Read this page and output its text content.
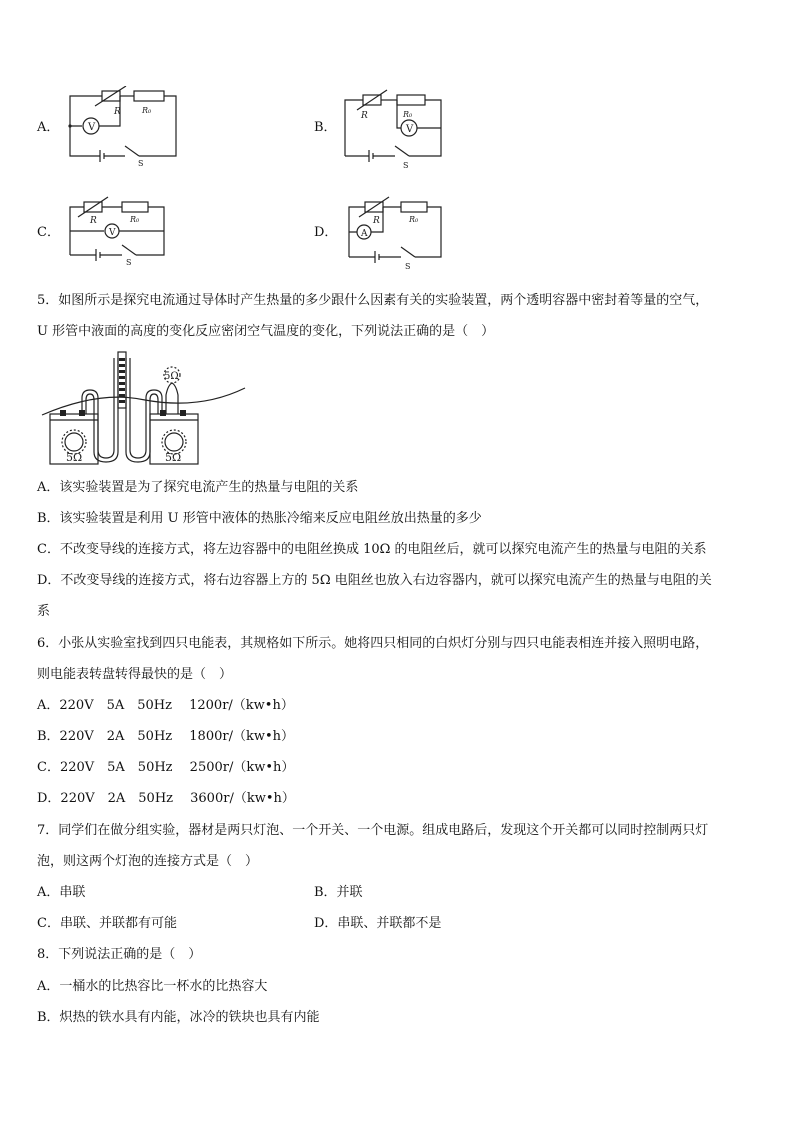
A．
R	R₀
V
S
B．
R	R₀
V
S
C．
R	R₀
V
S
D．
R	R₀
A
S
5．如图所示是探究电流通过导体时产生热量的多少跟什么因素有关的实验装置，两个透明容器中密封着等量的空气，
U 形管中液面的高度的变化反应密闭空气温度的变化，下列说法正确的是（　）
5Ω	5Ω
5Ω
A．该实验装置是为了探究电流产生的热量与电阻的关系
B．该实验装置是利用 U 形管中液体的热胀冷缩来反应电阻丝放出热量的多少
C．不改变导线的连接方式，将左边容器中的电阻丝换成 10Ω 的电阻丝后，就可以探究电流产生的热量与电阻的关系
D．不改变导线的连接方式，将右边容器上方的 5Ω 电阻丝也放入右边容器内，就可以探究电流产生的热量与电阻的关
系
6．小张从实验室找到四只电能表，其规格如下所示。她将四只相同的白炽灯分别与四只电能表相连并接入照明电路，
则电能表转盘转得最快的是（　）
A．220V　5A　50Hz　 1200r/（kw•h）
B．220V　2A　50Hz　 1800r/（kw•h）
C．220V　5A　50Hz　 2500r/（kw•h）
D．220V　2A　50Hz　 3600r/（kw•h）
7．同学们在做分组实验，器材是两只灯泡、一个开关、一个电源。组成电路后，发现这个开关都可以同时控制两只灯
泡，则这两个灯泡的连接方式是（　）
A．串联	B．并联
C．串联、并联都有可能	D．串联、并联都不是
8．下列说法正确的是（　）
A．一桶水的比热容比一杯水的比热容大
B．炽热的铁水具有内能，冰冷的铁块也具有内能
